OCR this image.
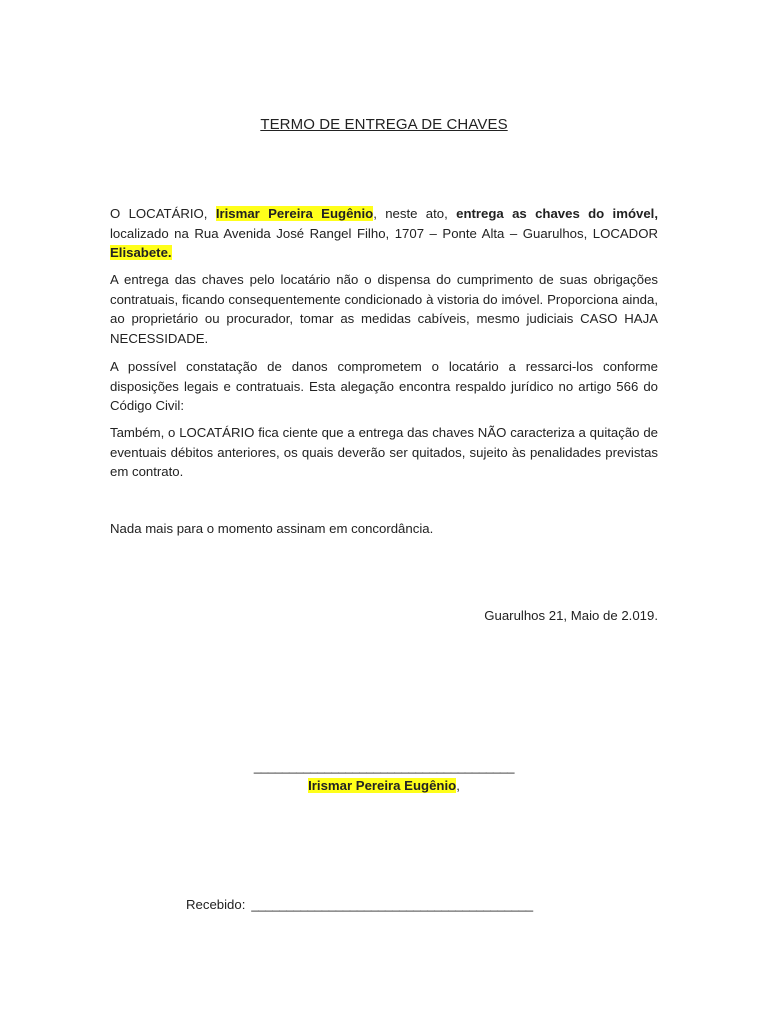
TERMO DE ENTREGA DE CHAVES
O LOCATÁRIO, Irismar Pereira Eugênio, neste ato, entrega as chaves do imóvel, localizado na Rua Avenida José Rangel Filho, 1707 – Ponte Alta – Guarulhos, LOCADOR Elisabete.
A entrega das chaves pelo locatário não o dispensa do cumprimento de suas obrigações contratuais, ficando consequentemente condicionado à vistoria do imóvel. Proporciona ainda, ao proprietário ou procurador, tomar as medidas cabíveis, mesmo judiciais CASO HAJA NECESSIDADE.
A possível constatação de danos comprometem o locatário a ressarci-los conforme disposições legais e contratuais. Esta alegação encontra respaldo jurídico no artigo 566 do Código Civil:
Também, o LOCATÁRIO fica ciente que a entrega das chaves NÃO caracteriza a quitação de eventuais débitos anteriores, os quais deverão ser quitados, sujeito às penalidades previstas em contrato.
Nada mais para o momento assinam em concordância.
Guarulhos 21, Maio de 2.019.
_____________________________________
Irismar Pereira Eugênio,
Recebido: ________________________________________
